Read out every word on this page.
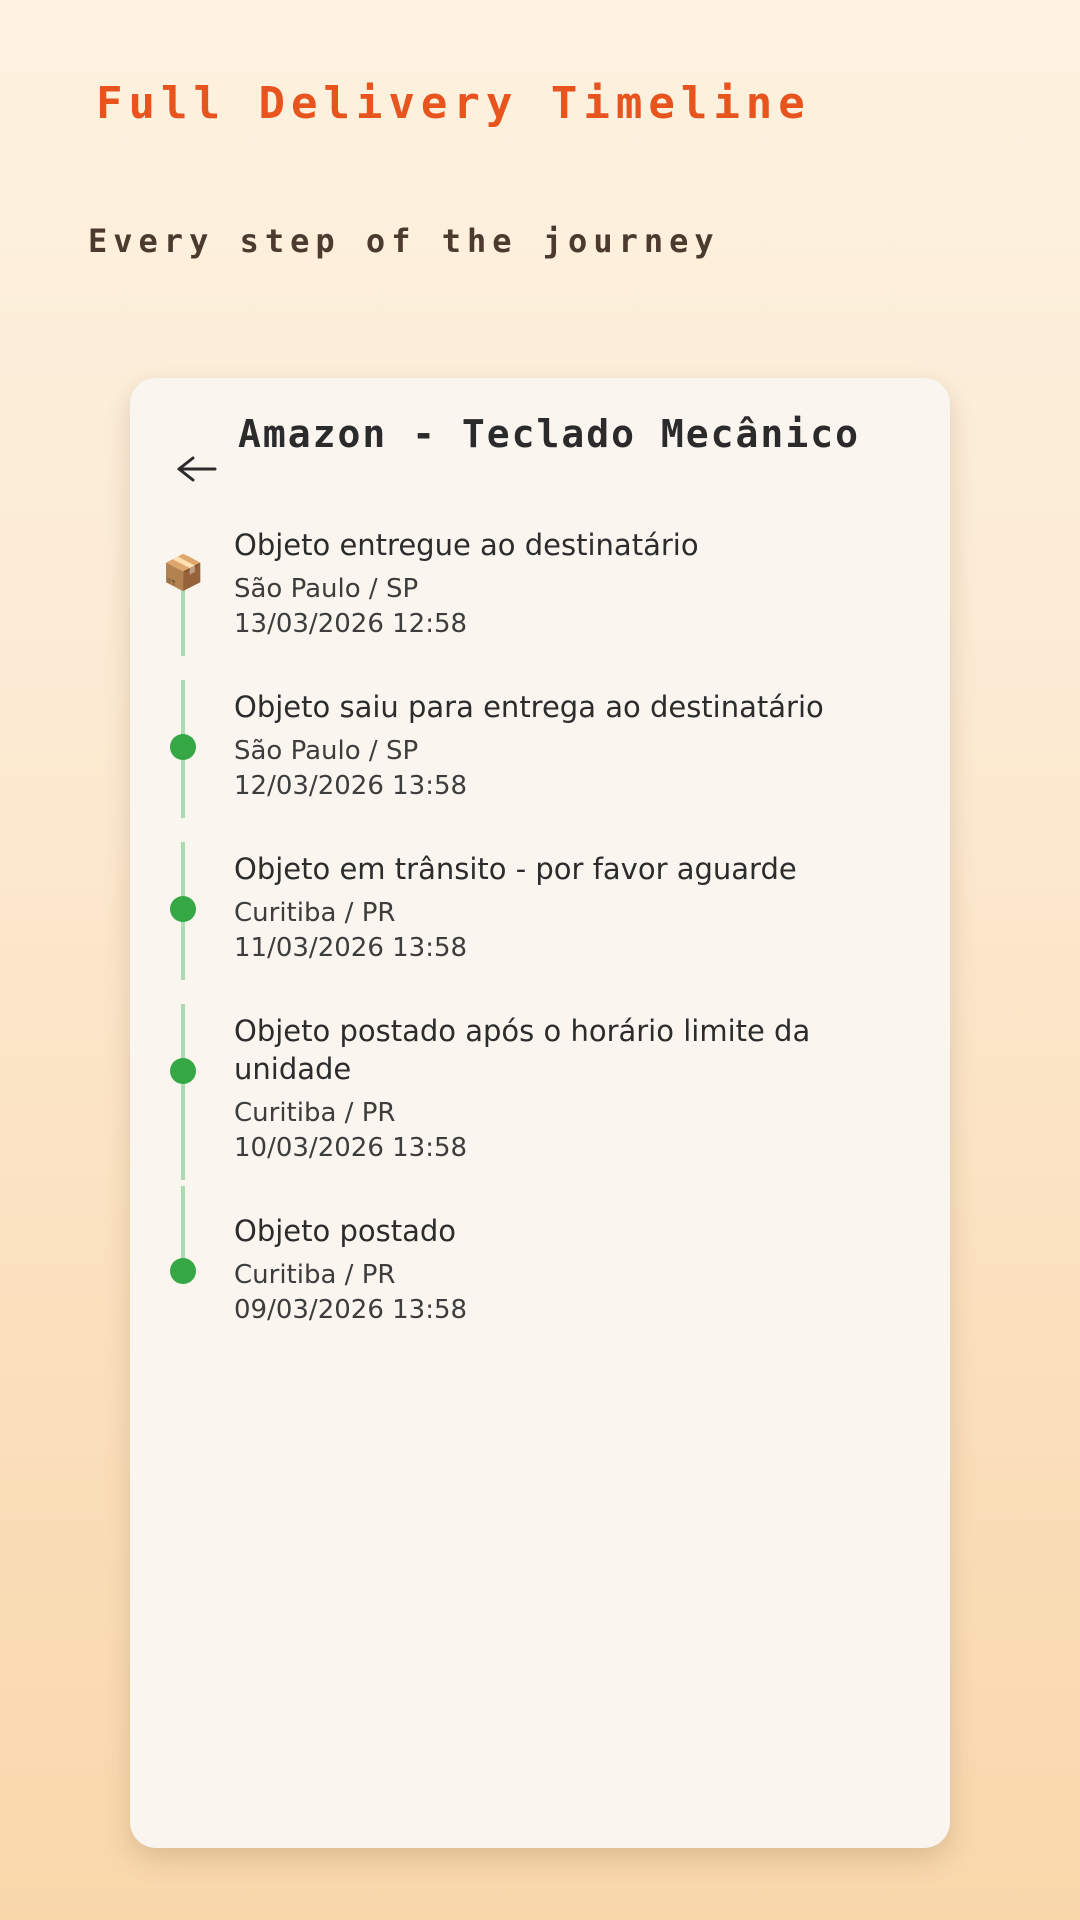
Full Delivery Timeline
Every step of the journey
Amazon - Teclado Mecânico
📦
Objeto entregue ao destinatário
São Paulo / SP
13/03/2026 12:58
Objeto saiu para entrega ao destinatário
São Paulo / SP
12/03/2026 13:58
Objeto em trânsito - por favor aguarde
Curitiba / PR
11/03/2026 13:58
Objeto postado após o horário limite da unidade
Curitiba / PR
10/03/2026 13:58
Objeto postado
Curitiba / PR
09/03/2026 13:58
